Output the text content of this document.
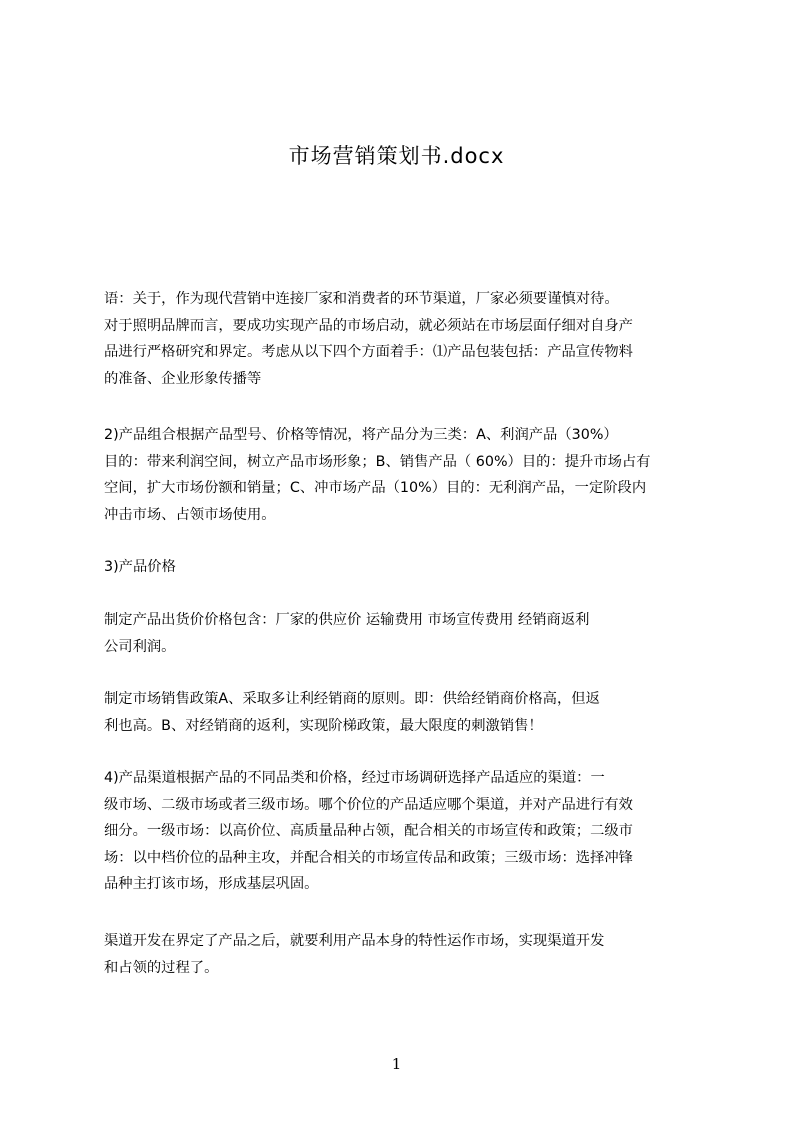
市场营销策划书.docx
语：关于，作为现代营销中连接厂家和消费者的环节渠道，厂家必须要谨慎对待。
对于照明品牌而言，要成功实现产品的市场启动，就必须站在市场层面仔细对自身产
品进行严格研究和界定。考虑从以下四个方面着手：⑴产品包装包括：产品宣传物料
的准备、企业形象传播等
2)产品组合根据产品型号、价格等情况，将产品分为三类：A、利润产品（30%）
目的：带来利润空间，树立产品市场形象；B、销售产品（ 60%）目的：提升市场占有
空间，扩大市场份额和销量；C、冲市场产品（10%）目的：无利润产品，一定阶段内
冲击市场、占领市场使用。
3)产品价格
制定产品出货价价格包含：厂家的供应价 运输费用 市场宣传费用 经销商返利
公司利润。
制定市场销售政策A、采取多让利经销商的原则。即：供给经销商价格高，但返
利也高。B、对经销商的返利，实现阶梯政策，最大限度的刺激销售！
4)产品渠道根据产品的不同品类和价格，经过市场调研选择产品适应的渠道：一
级市场、二级市场或者三级市场。哪个价位的产品适应哪个渠道，并对产品进行有效
细分。一级市场：以高价位、高质量品种占领，配合相关的市场宣传和政策；二级市
场：以中档价位的品种主攻，并配合相关的市场宣传品和政策；三级市场：选择冲锋
品种主打该市场，形成基层巩固。
渠道开发在界定了产品之后，就要利用产品本身的特性运作市场，实现渠道开发
和占领的过程了。
1
